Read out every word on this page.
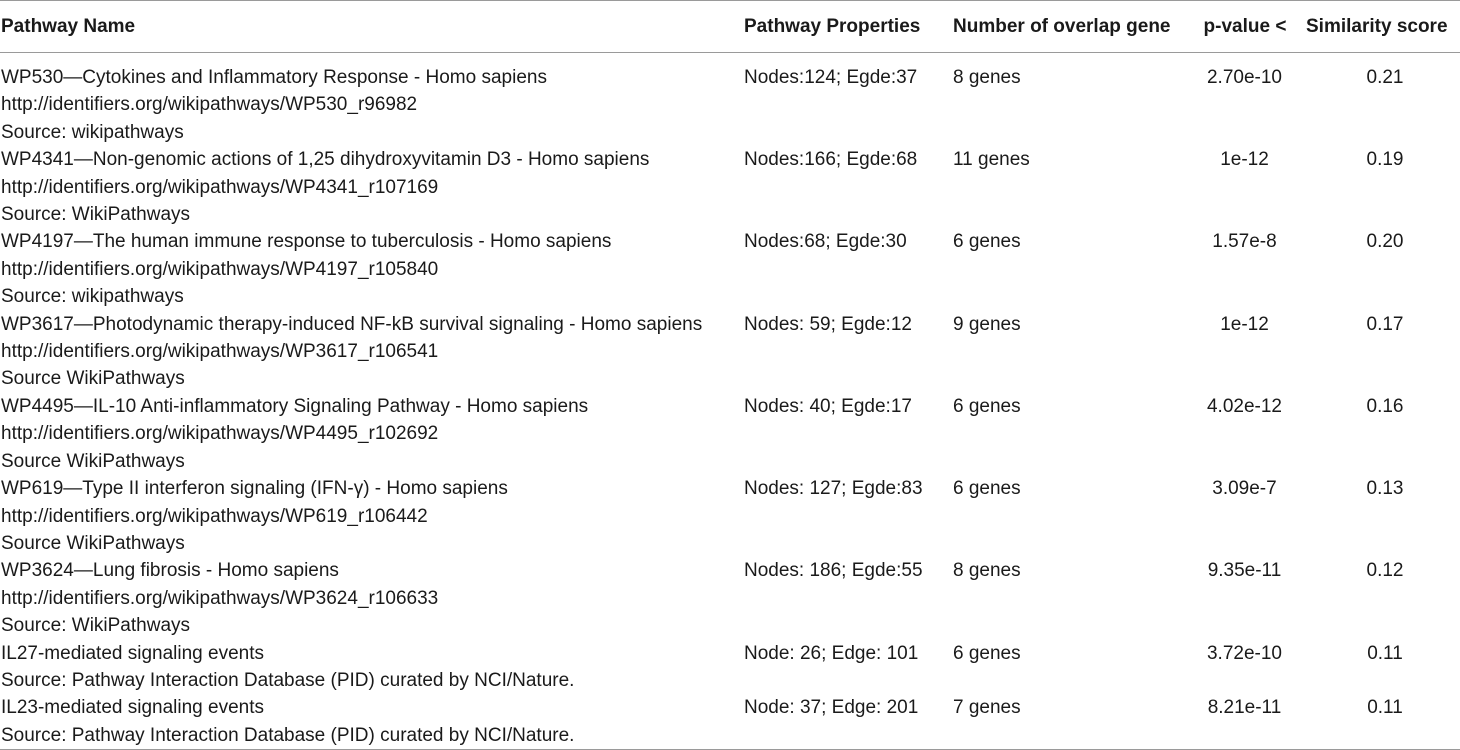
Pathway Name	Pathway Properties	Number of overlap gene	p-value <	Similarity score

WP530—Cytokines and Inflammatory Response - Homo sapiens
http://identifiers.org/wikipathways/WP530_r96982
Source: wikipathways	Nodes:124; Egde:37	8 genes	2.70e-10	0.21

WP4341—Non-genomic actions of 1,25 dihydroxyvitamin D3 - Homo sapiens
http://identifiers.org/wikipathways/WP4341_r107169
Source: WikiPathways	Nodes:166; Egde:68	11 genes	1e-12	0.19

WP4197—The human immune response to tuberculosis - Homo sapiens
http://identifiers.org/wikipathways/WP4197_r105840
Source: wikipathways	Nodes:68; Egde:30	6 genes	1.57e-8	0.20

WP3617—Photodynamic therapy-induced NF-kB survival signaling - Homo sapiens
http://identifiers.org/wikipathways/WP3617_r106541
Source WikiPathways	Nodes: 59; Egde:12	9 genes	1e-12	0.17

WP4495—IL-10 Anti-inflammatory Signaling Pathway - Homo sapiens
http://identifiers.org/wikipathways/WP4495_r102692
Source WikiPathways	Nodes: 40; Egde:17	6 genes	4.02e-12	0.16

WP619—Type II interferon signaling (IFN-γ) - Homo sapiens
http://identifiers.org/wikipathways/WP619_r106442
Source WikiPathways	Nodes: 127; Egde:83	6 genes	3.09e-7	0.13

WP3624—Lung fibrosis - Homo sapiens
http://identifiers.org/wikipathways/WP3624_r106633
Source: WikiPathways	Nodes: 186; Egde:55	8 genes	9.35e-11	0.12

IL27-mediated signaling events
Source: Pathway Interaction Database (PID) curated by NCI/Nature.	Node: 26; Edge: 101	6 genes	3.72e-10	0.11

IL23-mediated signaling events
Source: Pathway Interaction Database (PID) curated by NCI/Nature.	Node: 37; Edge: 201	7 genes	8.21e-11	0.11
